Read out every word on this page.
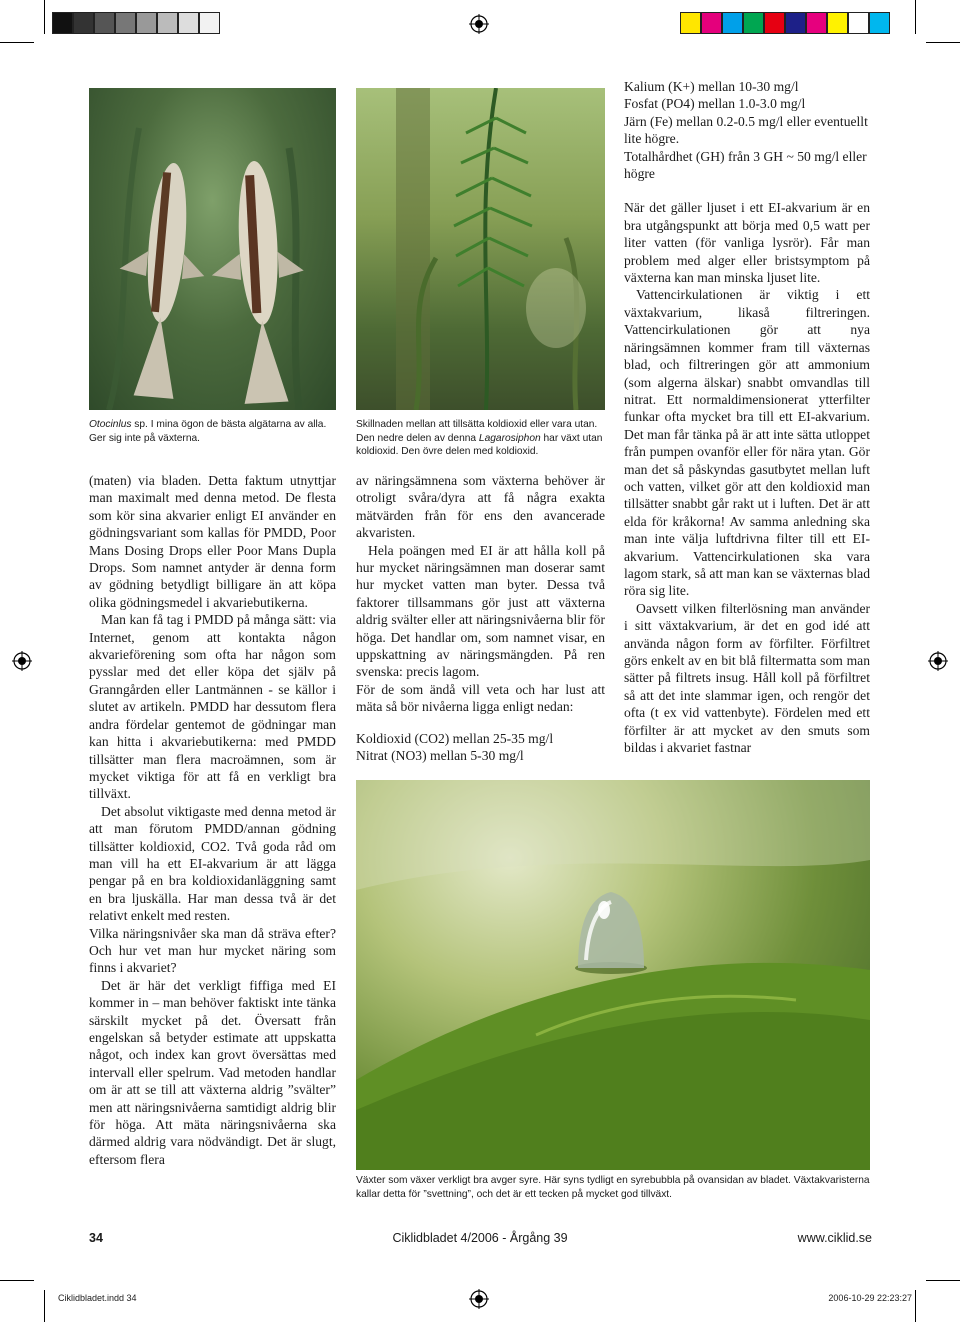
Otocinlus sp. I mina ögon de bästa algätarna av alla. Ger sig inte på växterna.
Skillnaden mellan att tillsätta koldioxid eller vara utan. Den nedre delen av denna Lagarosiphon har växt utan koldioxid. Den övre delen med koldioxid.

(maten) via bladen. Detta faktum utnyttjar man maximalt med denna metod. De flesta som kör sina akvarier enligt EI använder en gödningsvariant som kallas för PMDD, Poor Mans Dosing Drops eller Poor Mans Dupla Drops. Som namnet antyder är denna form av gödning betydligt billigare än att köpa olika gödningsmedel i akvariebutikerna.

Man kan få tag i PMDD på många sätt: via Internet, genom att kontakta någon akvarieförening som ofta har någon som pysslar med det eller köpa det själv på Granngården eller Lantmännen - se källor i slutet av artikeln. PMDD har dessutom flera andra fördelar gentemot de gödningar man kan hitta i akvariebutikerna: med PMDD tillsätter man flera macroämnen, som är mycket viktiga för att få en verkligt bra tillväxt.

Det absolut viktigaste med denna metod är att man förutom PMDD/annan gödning tillsätter koldioxid, CO2. Två goda råd om man vill ha ett EI-akvarium är att lägga pengar på en bra koldioxidanläggning samt en bra ljuskälla. Har man dessa två är det relativt enkelt med resten.

Vilka näringsnivåer ska man då sträva efter? Och hur vet man hur mycket näring som finns i akvariet?

Det är här det verkligt fiffiga med EI kommer in – man behöver faktiskt inte tänka särskilt mycket på det. Översatt från engelskan så betyder estimate att uppskatta något, och index kan grovt översättas med intervall eller spelrum. Vad metoden handlar om är att se till att växterna aldrig ”svälter” men att näringsnivåerna samtidigt aldrig blir för höga. Att mäta näringsnivåerna ska därmed aldrig vara nödvändigt. Det är slugt, eftersom flera

av näringsämnena som växterna behöver är otroligt svåra/dyra att få några exakta mätvärden från för ens den avancerade akvaristen.

Hela poängen med EI är att hålla koll på hur mycket näringsämnen man doserar samt hur mycket vatten man byter. Dessa två faktorer tillsammans gör just att växterna aldrig svälter eller att näringsnivåerna blir för höga. Det handlar om, som namnet visar, en uppskattning av näringsmängden. På ren svenska: precis lagom.

För de som ändå vill veta och har lust att mäta så bör nivåerna ligga enligt nedan:

Koldioxid (CO2) mellan 25-35 mg/l

Nitrat (NO3) mellan 5-30 mg/l

Kalium (K+) mellan 10-30 mg/l

Fosfat (PO4) mellan 1.0-3.0 mg/l

Järn (Fe) mellan 0.2-0.5 mg/l eller eventuellt lite högre.

Totalhårdhet (GH) från 3 GH ~ 50 mg/l eller högre

När det gäller ljuset i ett EI-akvarium är en bra utgångspunkt att börja med 0,5 watt per liter vatten (för vanliga lysrör). Får man problem med alger eller bristsymptom på växterna kan man minska ljuset lite.

Vattencirkulationen är viktig i ett växtakvarium, likaså filtreringen. Vattencirkulationen gör att nya näringsämnen kommer fram till växternas blad, och filtreringen gör att ammonium (som algerna älskar) snabbt omvandlas till nitrat. Ett normaldimensionerat ytterfilter funkar ofta mycket bra till ett EI-akvarium. Det man får tänka på är att inte sätta utloppet från pumpen ovanför eller för nära ytan. Gör man det så påskyndas gasutbytet mellan luft och vatten, vilket gör att den koldioxid man tillsätter snabbt går rakt ut i luften. Det är att elda för kråkorna! Av samma anledning ska man inte välja luftdrivna filter till ett EI-akvarium. Vattencirkulationen ska vara lagom stark, så att man kan se växternas blad röra sig lite.

Oavsett vilken filterlösning man använder i sitt växtakvarium, är det en god idé att använda någon form av förfilter. Förfiltret görs enkelt av en bit blå filtermatta som man sätter på filtrets insug. Håll koll på förfiltret så att det inte slammar igen, och rengör det ofta (t ex vid vattenbyte). Fördelen med ett förfilter är att mycket av den smuts som bildas i akvariet fastnar

Växter som växer verkligt bra avger syre. Här syns tydligt en syrebubbla på ovansidan av bladet. Växtakvaristerna kallar detta för ”svettning”, och det är ett tecken på mycket god tillväxt.
34	Ciklidbladet 4/2006 - Årgång 39	www.ciklid.se
Ciklidbladet.indd 34	2006-10-29 22:23:27
